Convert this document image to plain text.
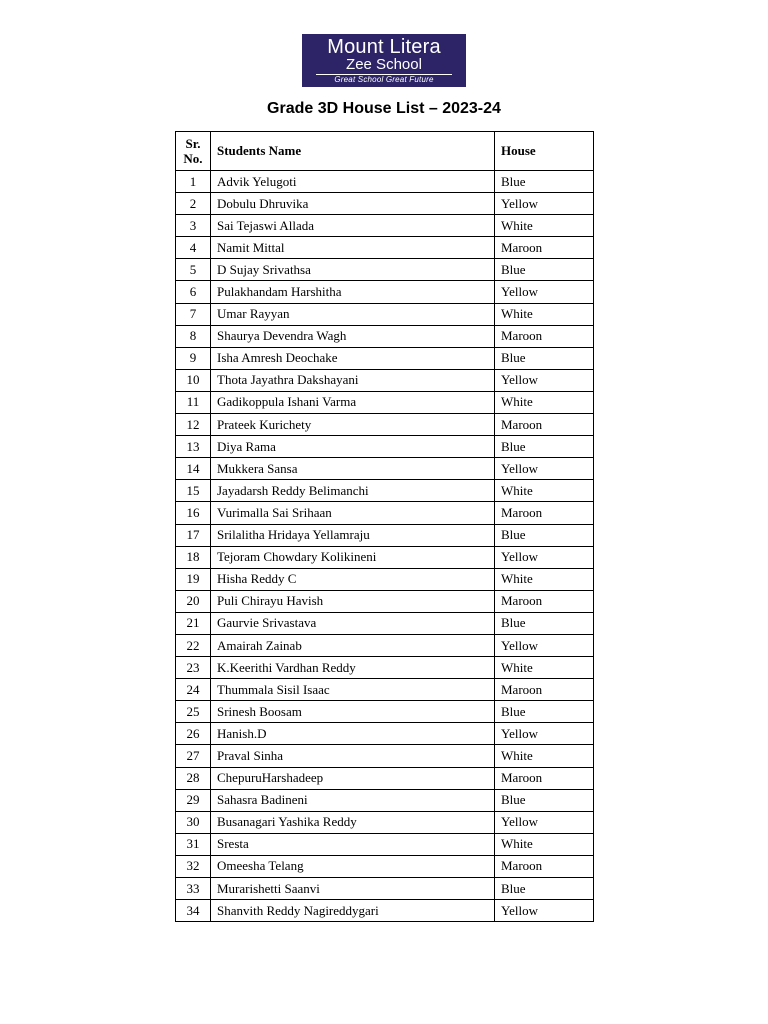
Mount Litera
Zee School
Great School Great Future
Grade 3D House List – 2023-24
Sr. No.	Students Name	House
1	Advik Yelugoti	Blue
2	Dobulu Dhruvika	Yellow
3	Sai Tejaswi Allada	White
4	Namit Mittal	Maroon
5	D Sujay Srivathsa	Blue
6	Pulakhandam Harshitha	Yellow
7	Umar Rayyan	White
8	Shaurya Devendra Wagh	Maroon
9	Isha Amresh Deochake	Blue
10	Thota Jayathra Dakshayani	Yellow
11	Gadikoppula Ishani Varma	White
12	Prateek Kurichety	Maroon
13	Diya Rama	Blue
14	Mukkera Sansa	Yellow
15	Jayadarsh Reddy Belimanchi	White
16	Vurimalla Sai Srihaan	Maroon
17	Srilalitha Hridaya Yellamraju	Blue
18	Tejoram Chowdary Kolikineni	Yellow
19	Hisha Reddy C	White
20	Puli Chirayu Havish	Maroon
21	Gaurvie Srivastava	Blue
22	Amairah Zainab	Yellow
23	K.Keerithi Vardhan Reddy	White
24	Thummala Sisil Isaac	Maroon
25	Srinesh Boosam	Blue
26	Hanish.D	Yellow
27	Praval Sinha	White
28	ChepuruHarshadeep	Maroon
29	Sahasra Badineni	Blue
30	Busanagari Yashika Reddy	Yellow
31	Sresta	White
32	Omeesha Telang	Maroon
33	Murarishetti Saanvi	Blue
34	Shanvith Reddy Nagireddygari	Yellow
